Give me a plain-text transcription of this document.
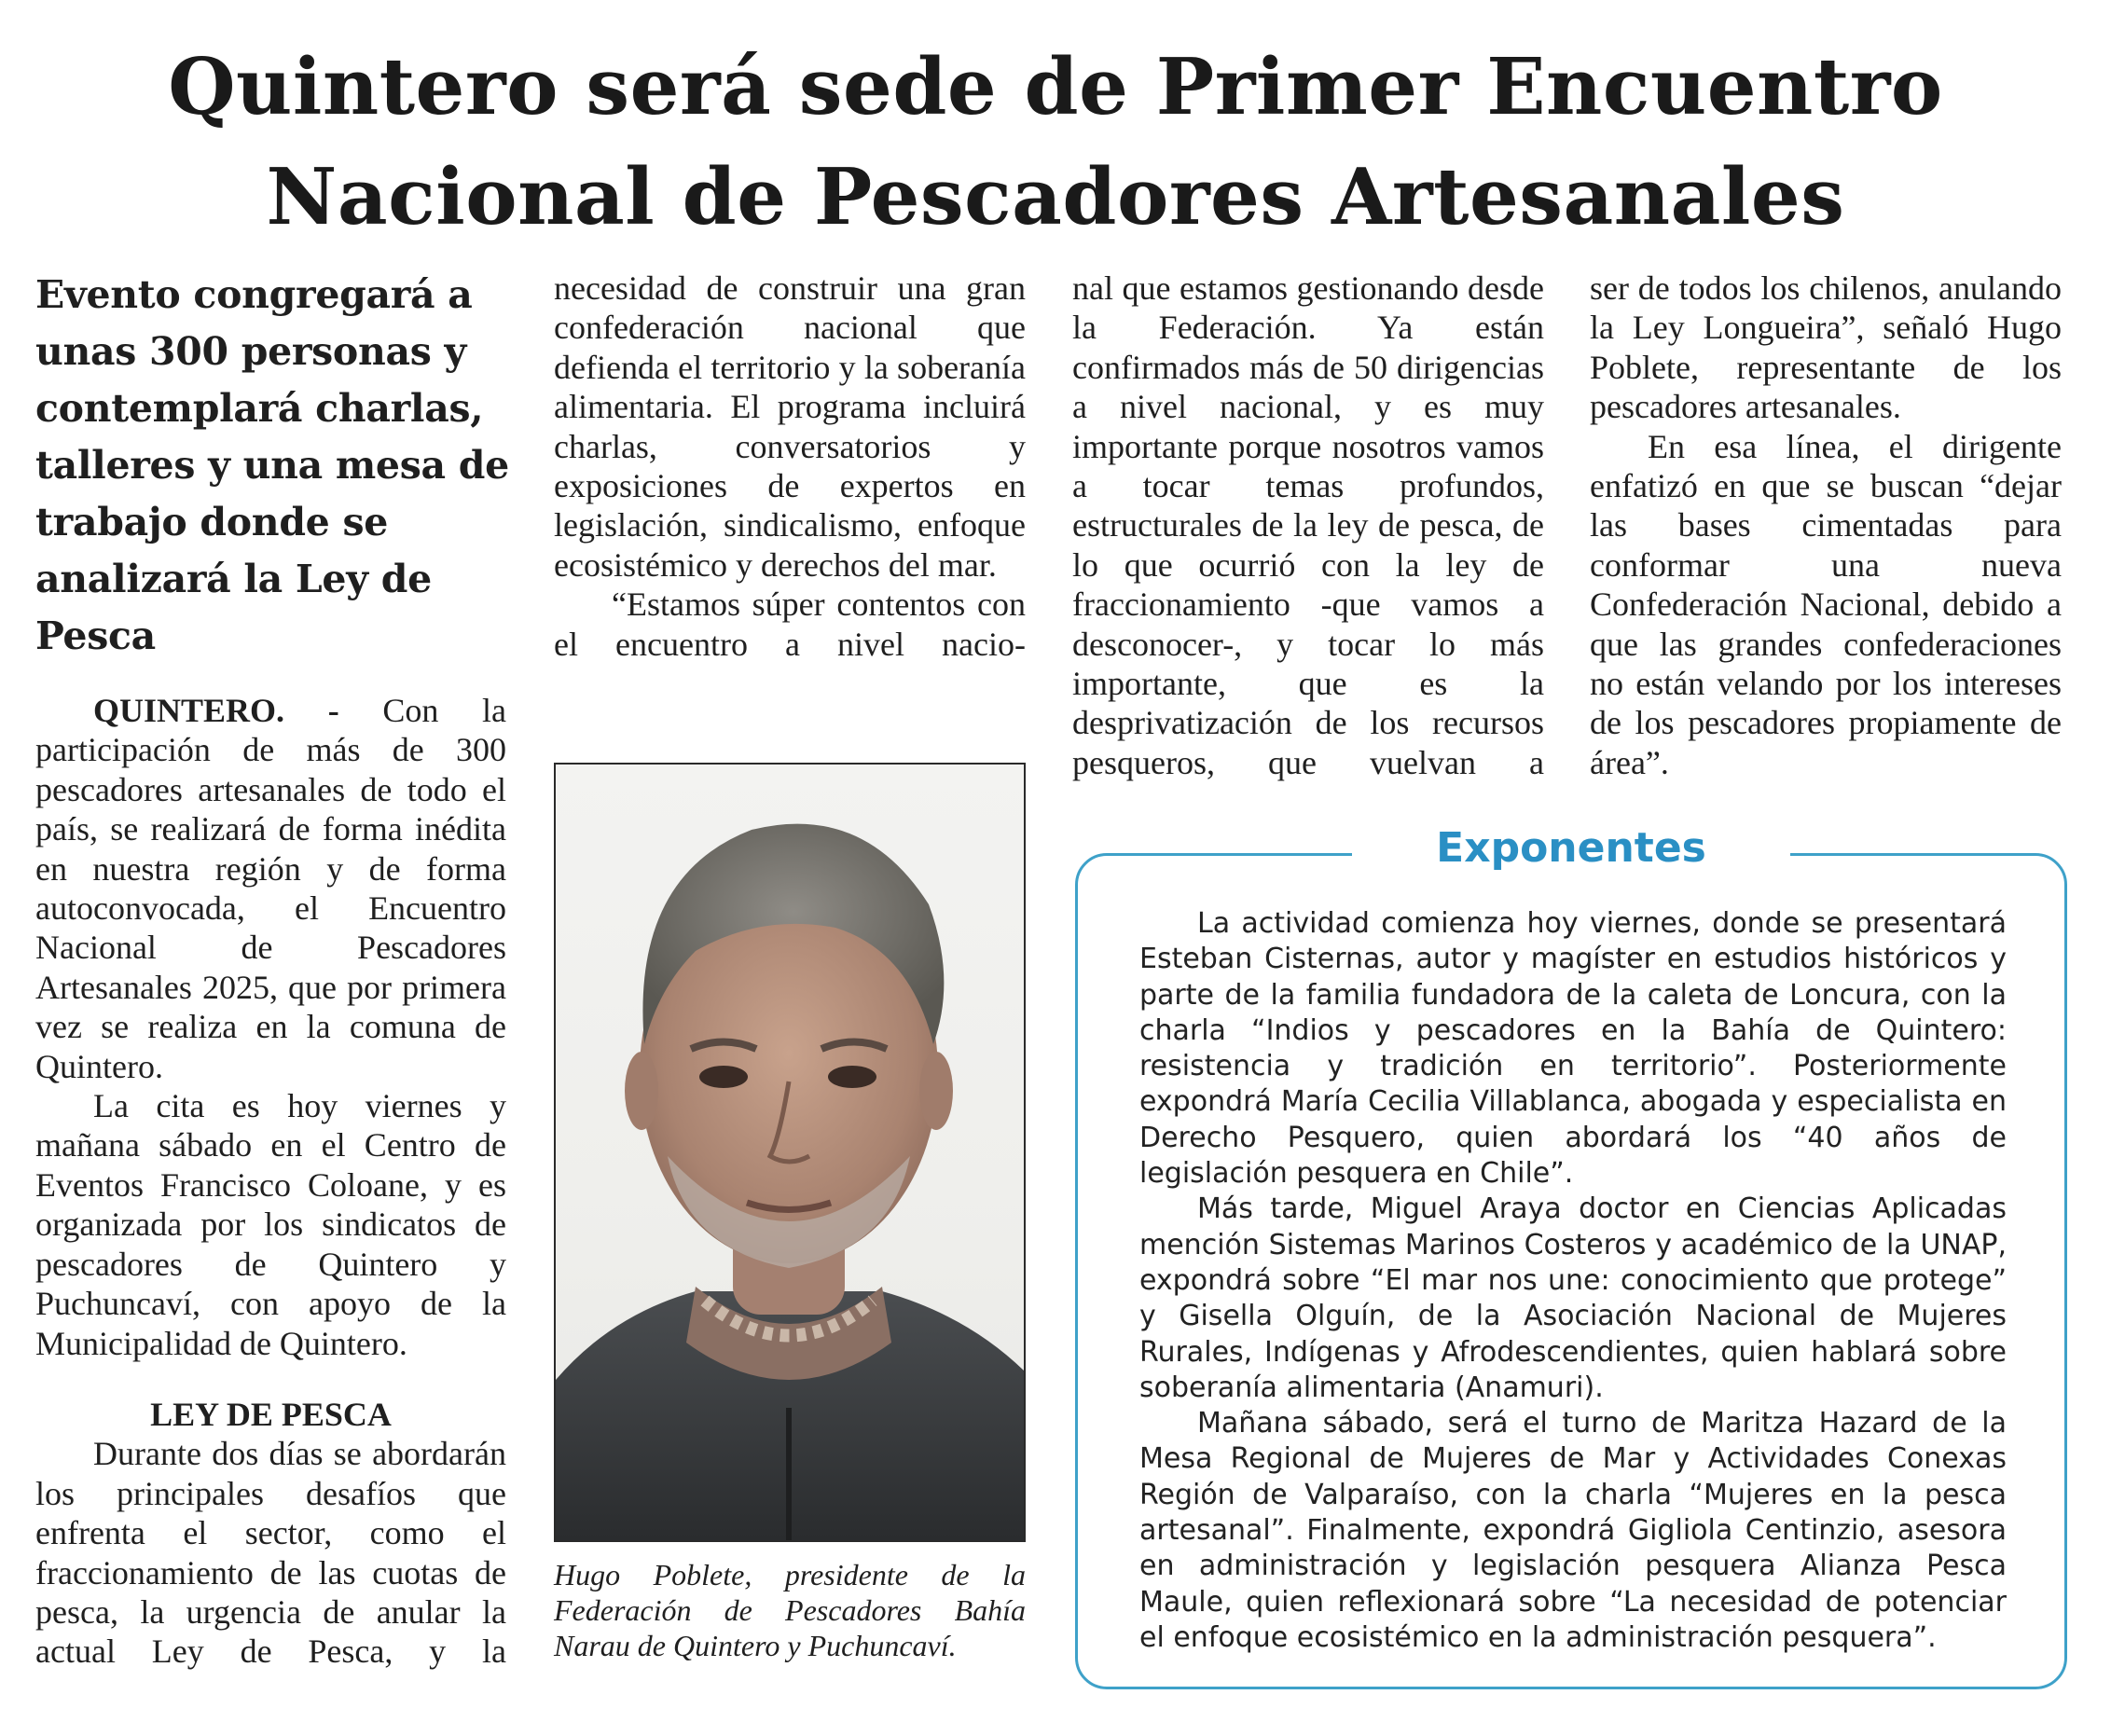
Quintero será sede de Primer Encuentro
Nacional de Pescadores Artesanales
Evento congregará a unas 300 personas y contemplará charlas, talleres y una mesa de trabajo donde se analizará la Ley de Pesca

QUINTERO. - Con la participación de más de 300 pescadores artesanales de todo el país, se realizará de forma inédita en nuestra región y de forma autoconvocada, el Encuentro Nacional de Pescadores Artesanales 2025, que por primera vez se realiza en la comuna de Quintero.

La cita es hoy viernes y mañana sábado en el Centro de Eventos Francisco Coloane, y es organizada por los sindicatos de pescadores de Quintero y Puchuncaví, con apoyo de la Municipalidad de Quintero.

LEY DE PESCA

Durante dos días se abordarán los principales desafíos que enfrenta el sector, como el fraccionamiento de las cuotas de pesca, la urgencia de anular la actual Ley de Pesca, y la

necesidad de construir una gran confederación nacional que defienda el territorio y la soberanía alimentaria. El programa incluirá charlas, conversatorios y exposiciones de expertos en legislación, sindicalismo, enfoque ecosistémico y derechos del mar.

“Estamos súper contentos con el encuentro a nivel nacio-

Hugo Poblete, presidente de la Federación de Pescadores Bahía Narau de Quintero y Puchuncaví.

nal que estamos gestionando desde la Federación. Ya están confirmados más de 50 dirigencias a nivel nacional, y es muy importante porque nosotros vamos a tocar temas profundos, estructurales de la ley de pesca, de lo que ocurrió con la ley de fraccionamiento -que vamos a desconocer-, y tocar lo más importante, que es la desprivatización de los recursos pesqueros, que vuelvan a

ser de todos los chilenos, anulando la Ley Longueira”, señaló Hugo Poblete, representante de los pescadores artesanales.

En esa línea, el dirigente enfatizó en que se buscan “dejar las bases cimentadas para conformar una nueva Confederación Nacional, debido a que las grandes confederaciones no están velando por los intereses de los pescadores propiamente de área”.

Exponentes

La actividad comienza hoy viernes, donde se presentará Esteban Cisternas, autor y magíster en estudios históricos y parte de la familia fundadora de la caleta de Loncura, con la charla “Indios y pescadores en la Bahía de Quintero: resistencia y tradición en territorio”. Posteriormente expondrá María Cecilia Villablanca, abogada y especialista en Derecho Pesquero, quien abordará los “40 años de legislación pesquera en Chile”.

Más tarde, Miguel Araya doctor en Ciencias Aplicadas mención Sistemas Marinos Costeros y académico de la UNAP, expondrá sobre “El mar nos une: conocimiento que protege” y Gisella Olguín, de la Asociación Nacional de Mujeres Rurales, Indígenas y Afrodescendientes, quien hablará sobre soberanía alimentaria (Anamuri).

Mañana sábado, será el turno de Maritza Hazard de la Mesa Regional de Mujeres de Mar y Actividades Conexas Región de Valparaíso, con la charla “Mujeres en la pesca artesanal”. Finalmente, expondrá Gigliola Centinzio, asesora en administración y legislación pesquera Alianza Pesca Maule, quien reflexionará sobre “La necesidad de potenciar el enfoque ecosistémico en la administración pesquera”.
